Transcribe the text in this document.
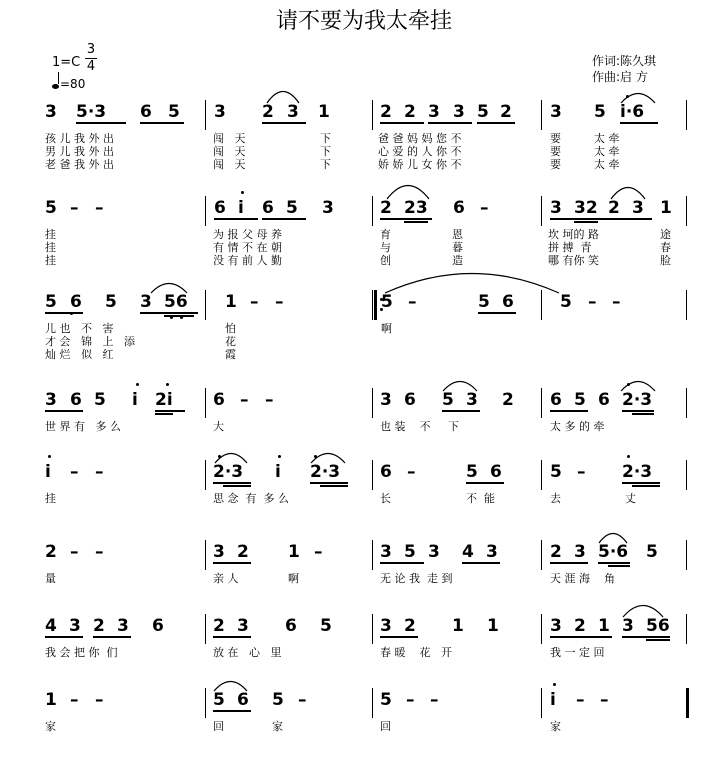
请不要为我太牵挂
作词:陈久琪
作曲:启 方
$1=C \frac{3}{4}$
=80
3 5·3 6 5 3 2 3 1	2 2 3 3 5 2 3 5 i·6
孩 儿 我 外 出	闯   天	下	爸 爸 妈 妈 您 不	要	太 牵
男 儿 我 外 出	闯   天	下	心 爱 的 人 你 不	要	太 牵
老 爸 我 外 出	闯   天	下	娇 娇 儿 女 你 不	要	太 牵
5 – –	6 i 6 5 3	2 23 6 –	3 32 2 3 1
挂	为 报 父 母 养	育	恩	坎 坷的 路	途
挂	有 情 不 在 朝	与	暮	拼 搏  青	春
挂	没 有 前 人 勤	创	造	哪 有你 笑	脸
5 6 5 3 56 1 – –	5 –	5 6	5 – –
儿 也   不   害	怕	啊
才 会   锦   上   添	花
灿 烂   似   红	霞
3 6 5 i 2i 6 – –	3 6 5 3 2 6 5 6 2·3
世 界 有   多 么	大	也 装    不     下	太 多 的 牵
i – –	2·3 i 2·3 6 –	5 6	5 – 2·3
挂	思 念  有  多 么	长	不  能	去	丈
2 – –	3 2 1 –	3 5 3 4 3	2 3 5·6 5
量	亲 人	啊	无 论 我  走 到	天 涯 海    角
4 3 2 3 6	2 3 6 5	3 2 1 1	3 2 1 3 56
我 会 把 你  们	放 在   心   里	春 暖    花   开	我 一 定 回
1 – –	5 6 5 –	5 – –	i – –
家	回	家	回	家
